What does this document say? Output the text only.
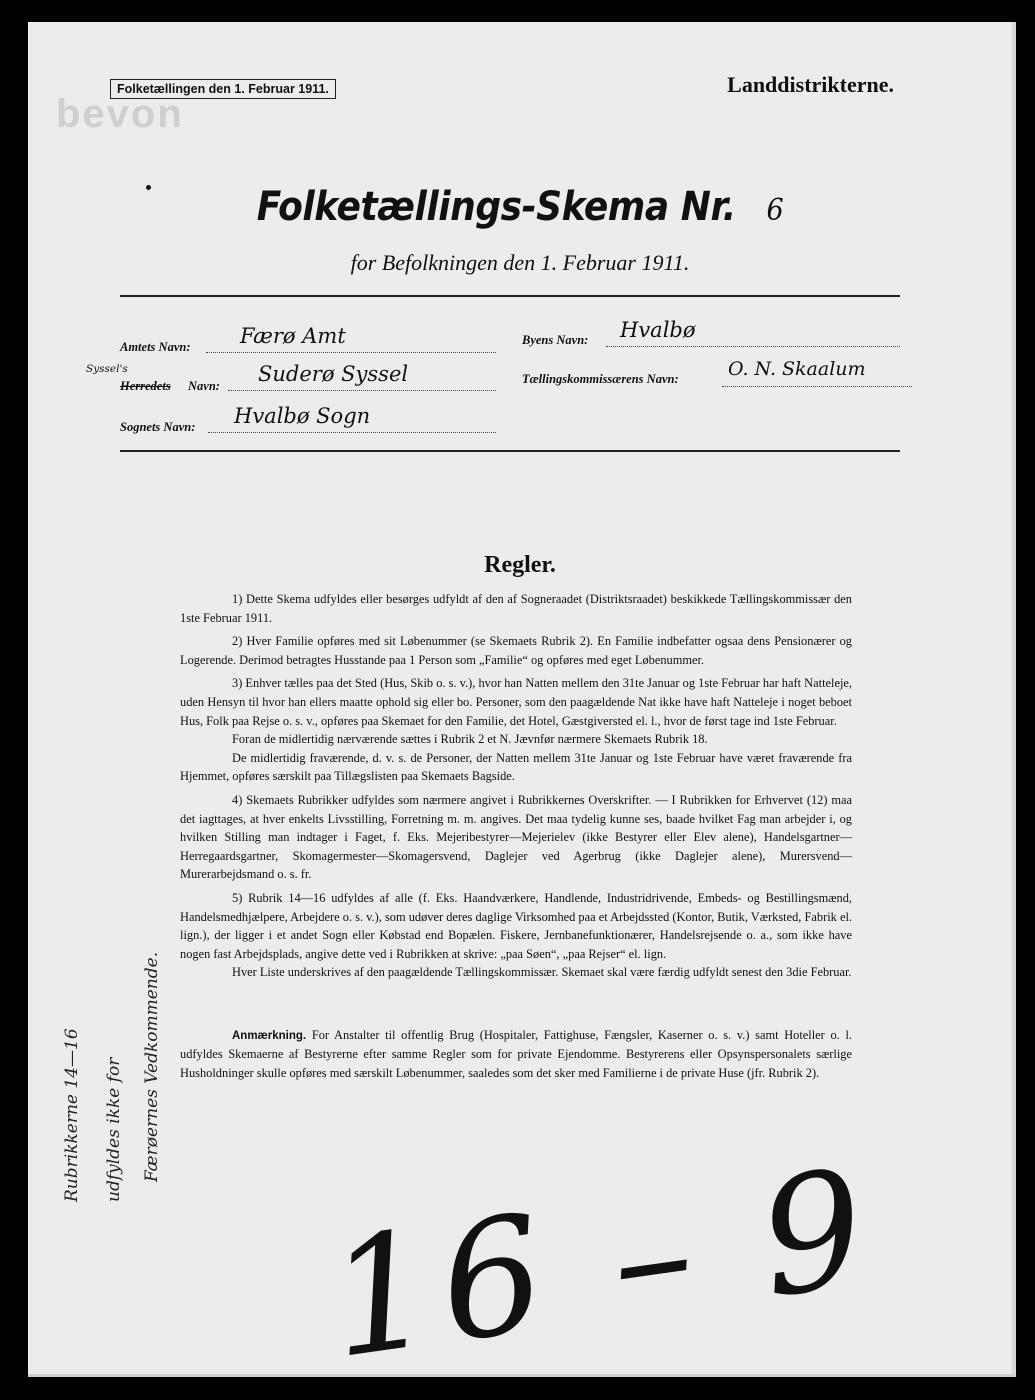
bevon
Folketællingen den 1. Februar 1911.	Landdistrikterne.
Folketællings-Skema Nr. 6
for Befolkningen den 1. Februar 1911.
Amtets Navn:	Færø Amt	Byens Navn:	Hvalbø
Syssel's
Herredets Navn:	Suderø Syssel	Tællingskommissærens Navn:	O. N. Skaalum
Sognets Navn:	Hvalbø Sogn
Regler.

1) Dette Skema udfyldes eller besørges udfyldt af den af Sogneraadet (Distriktsraadet) beskikkede Tællingskommissær den 1ste Februar 1911.

2) Hver Familie opføres med sit Løbenummer (se Skemaets Rubrik 2). En Familie indbefatter ogsaa dens Pensionærer og Logerende. Derimod betragtes Husstande paa 1 Person som „Familie“ og opføres med eget Løbenummer.

3) Enhver tælles paa det Sted (Hus, Skib o. s. v.), hvor han Natten mellem den 31te Januar og 1ste Februar har haft Natteleje, uden Hensyn til hvor han ellers maatte ophold sig eller bo. Personer, som den paagældende Nat ikke have haft Natteleje i noget beboet Hus, Folk paa Rejse o. s. v., opføres paa Skemaet for den Familie, det Hotel, Gæstgiversted el. l., hvor de først tage ind 1ste Februar.

Foran de midlertidig nærværende sættes i Rubrik 2 et N. Jævnfør nærmere Skemaets Rubrik 18.

De midlertidig fraværende, d. v. s. de Personer, der Natten mellem 31te Januar og 1ste Februar have været fraværende fra Hjemmet, opføres særskilt paa Tillægslisten paa Skemaets Bagside.

4) Skemaets Rubrikker udfyldes som nærmere angivet i Rubrikkernes Overskrifter. — I Rubrikken for Erhvervet (12) maa det iagttages, at hver enkelts Livsstilling, Forretning m. m. angives. Det maa tydelig kunne ses, baade hvilket Fag man arbejder i, og hvilken Stilling man indtager i Faget, f. Eks. Mejeribestyrer—Mejerielev (ikke Bestyrer eller Elev alene), Handelsgartner—Herregaardsgartner, Skomagermester—Skomagersvend, Daglejer ved Agerbrug (ikke Daglejer alene), Murersvend—Murerarbejdsmand o. s. fr.

5) Rubrik 14—16 udfyldes af alle (f. Eks. Haandværkere, Handlende, Industridrivende, Embeds- og Bestillingsmænd, Handelsmedhjælpere, Arbejdere o. s. v.), som udøver deres daglige Virksomhed paa et Arbejdssted (Kontor, Butik, Værksted, Fabrik el. lign.), der ligger i et andet Sogn eller Købstad end Bopælen. Fiskere, Jernbanefunktionærer, Handelsrejsende o. a., som ikke have nogen fast Arbejdsplads, angive dette ved i Rubrikken at skrive: „paa Søen“, „paa Rejser“ el. lign.

Hver Liste underskrives af den paagældende Tællingskommissær. Skemaet skal være færdig udfyldt senest den 3die Februar.

Anmærkning. For Anstalter til offentlig Brug (Hospitaler, Fattighuse, Fængsler, Kaserner o. s. v.) samt Hoteller o. l. udfyldes Skemaerne af Bestyrerne efter samme Regler som for private Ejendomme. Bestyrerens eller Opsynspersonalets særlige Husholdninger skulle opføres med særskilt Løbenummer, saaledes som det sker med Familierne i de private Huse (jfr. Rubrik 2).

Rubrikkerne 14—16 udfyldes ikke for Færøernes Vedkommende.
16 – 9
